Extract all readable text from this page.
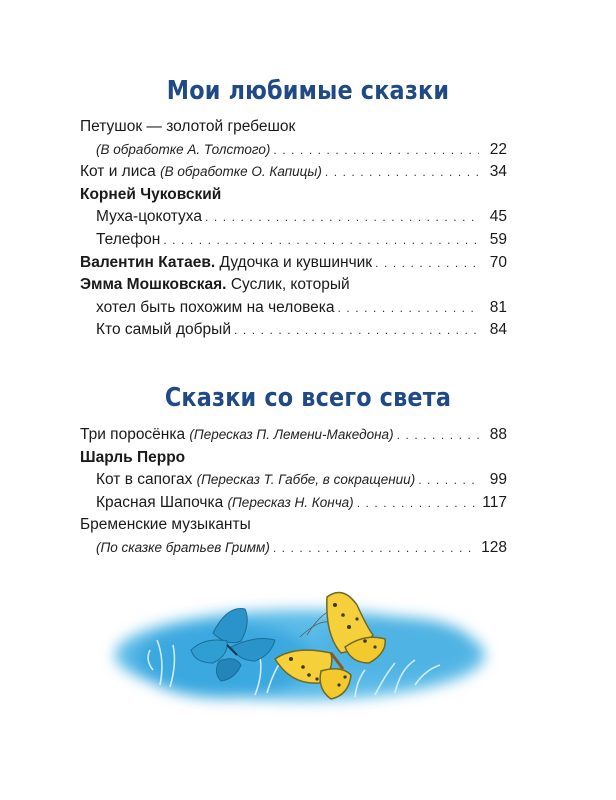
Мои любимые сказки
Петушок — золотой гребешок
(В обработке А. Толстого) . . .	22
Кот и лиса
(В обработке О. Капицы) . . .	34
Корней Чуковский
Муха-цокотуха . . .	45
Телефон . . .	59
Валентин Катаев.
Дудочка и кувшинчик . . .	70
Эмма Мошковская.
Суслик, который
хотел быть похожим на человека . . .	81
Кто самый добрый . . .	84
Сказки со всего света
Три поросёнка
(Пересказ П. Лемени-Македона) . . .	88
Шарль Перро
Кот в сапогах
(Пересказ Т. Габбе, в сокращении) . . .	99
Красная Шапочка
(Пересказ Н. Конча) . . .	117
Бременские музыканты
(По сказке братьев Гримм) . . .	128
